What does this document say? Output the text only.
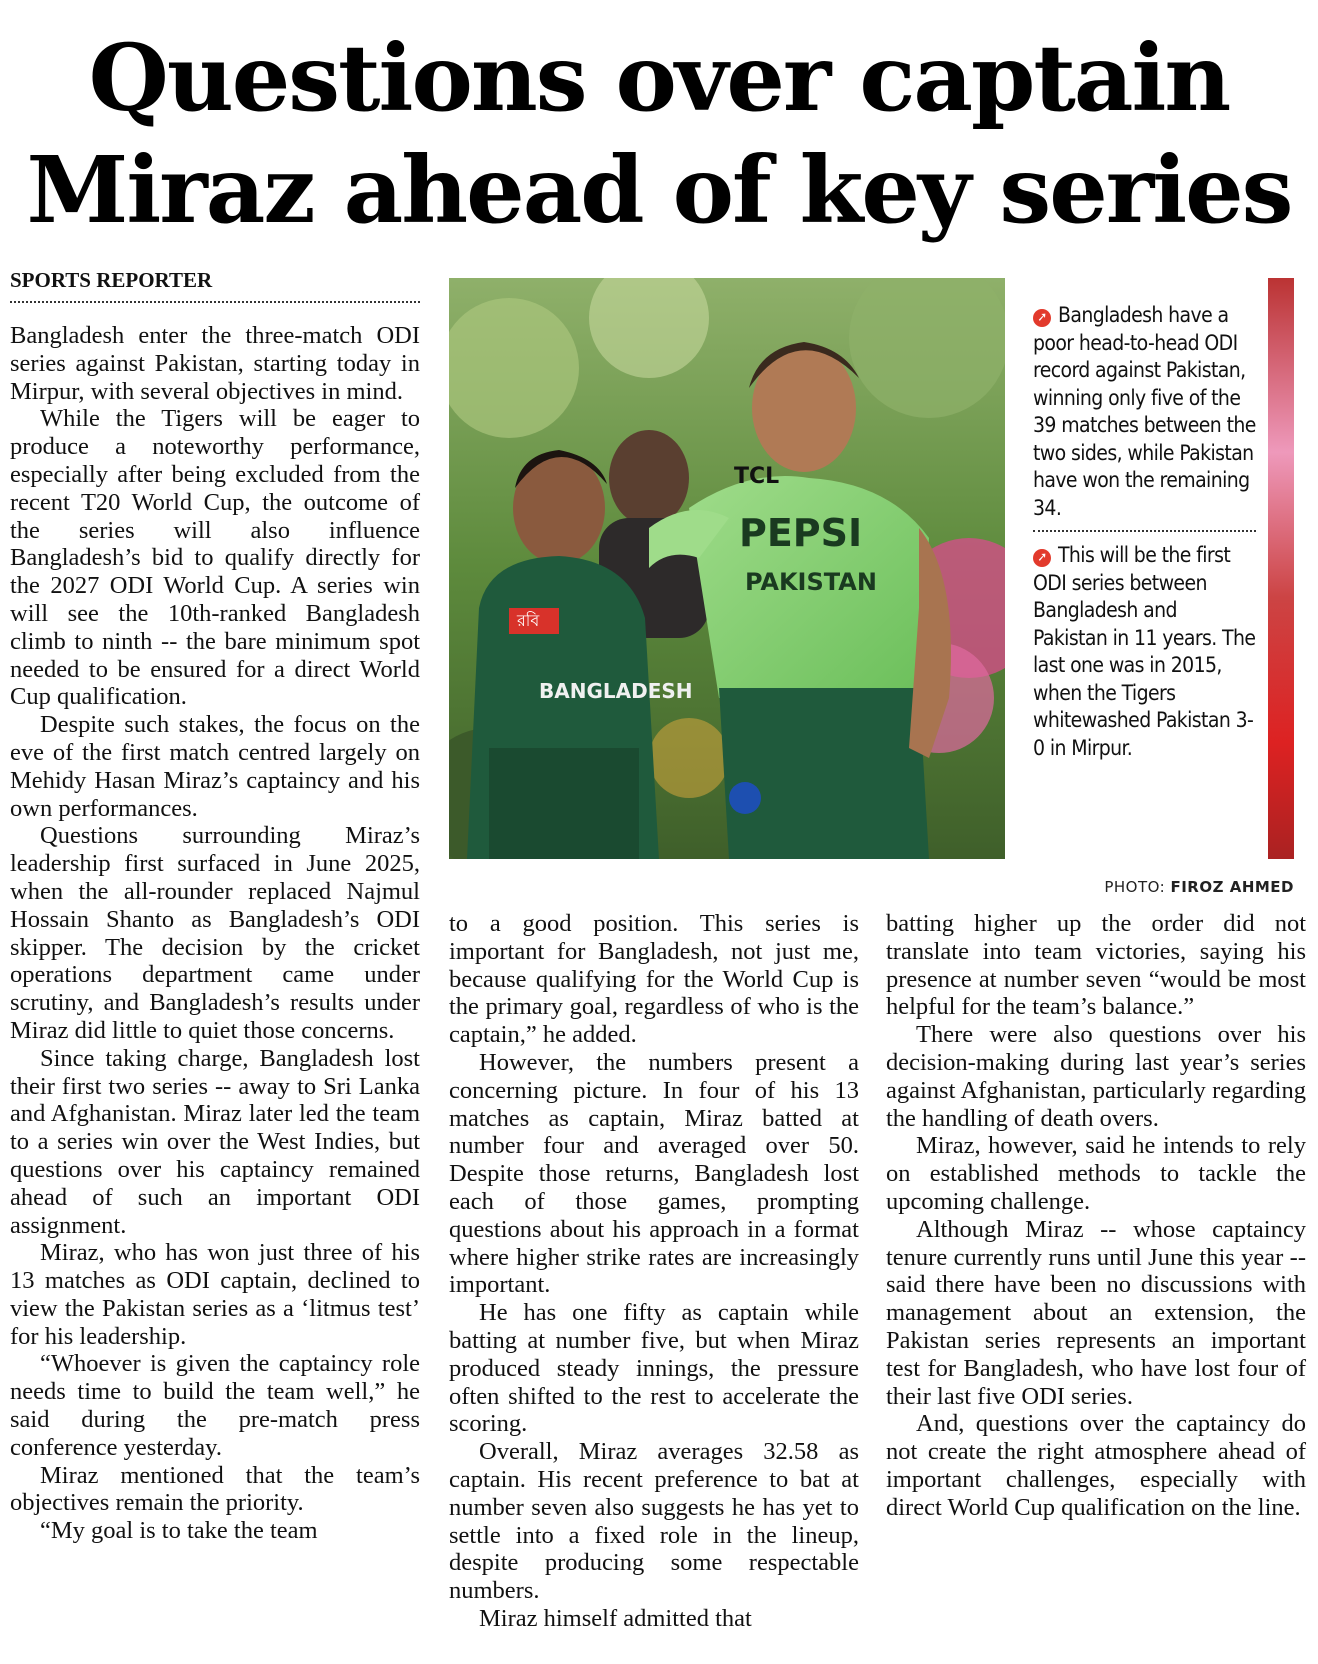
Questions over captain
Miraz ahead of key series
SPORTS REPORTER

Bangladesh enter the three-match ODI series against Pakistan, starting today in Mirpur, with several objectives in mind.

While the Tigers will be eager to produce a noteworthy performance, especially after being excluded from the recent T20 World Cup, the outcome of the series will also influence Bangladesh’s bid to qualify directly for the 2027 ODI World Cup. A series win will see the 10th-ranked Bangladesh climb to ninth -- the bare minimum spot needed to be ensured for a direct World Cup qualification.

Despite such stakes, the focus on the eve of the first match centred largely on Mehidy Hasan Miraz’s captaincy and his own performances.

Questions surrounding Miraz’s leadership first surfaced in June 2025, when the all-rounder replaced Najmul Hossain Shanto as Bangladesh’s ODI skipper. The decision by the cricket operations department came under scrutiny, and Bangladesh’s results under Miraz did little to quiet those concerns.

Since taking charge, Bangladesh lost their first two series -- away to Sri Lanka and Afghanistan. Miraz later led the team to a series win over the West Indies, but questions over his captaincy remained ahead of such an important ODI assignment.

Miraz, who has won just three of his 13 matches as ODI captain, declined to view the Pakistan series as a ‘litmus test’ for his leadership.

“Whoever is given the captaincy role needs time to build the team well,” he said during the pre-match press conference yesterday.

Miraz mentioned that the team’s objectives remain the priority.

“My goal is to take the team

রবি
BANGLADESH
TCL
PEPSI
PAKISTAN

➚ Bangladesh have a poor head-to-head ODI record against Pakistan, winning only five of the 39 matches between the two sides, while Pakistan have won the remaining 34.

➚ This will be the first ODI series between Bangladesh and Pakistan in 11 years. The last one was in 2015, when the Tigers whitewashed Pakistan 3-0 in Mirpur.

PHOTO: FIROZ AHMED

to a good position. This series is important for Bangladesh, not just me, because qualifying for the World Cup is the primary goal, regardless of who is the captain,” he added.

However, the numbers present a concerning picture. In four of his 13 matches as captain, Miraz batted at number four and averaged over 50. Despite those returns, Bangladesh lost each of those games, prompting questions about his approach in a format where higher strike rates are increasingly important.

He has one fifty as captain while batting at number five, but when Miraz produced steady innings, the pressure often shifted to the rest to accelerate the scoring.

Overall, Miraz averages 32.58 as captain. His recent preference to bat at number seven also suggests he has yet to settle into a fixed role in the lineup, despite producing some respectable numbers.

Miraz himself admitted that

batting higher up the order did not translate into team victories, saying his presence at number seven “would be most helpful for the team’s balance.”

There were also questions over his decision-making during last year’s series against Afghanistan, particularly regarding the handling of death overs.

Miraz, however, said he intends to rely on established methods to tackle the upcoming challenge.

Although Miraz -- whose captaincy tenure currently runs until June this year -- said there have been no discussions with management about an extension, the Pakistan series represents an important test for Bangladesh, who have lost four of their last five ODI series.

And, questions over the captaincy do not create the right atmosphere ahead of important challenges, especially with direct World Cup qualification on the line.
